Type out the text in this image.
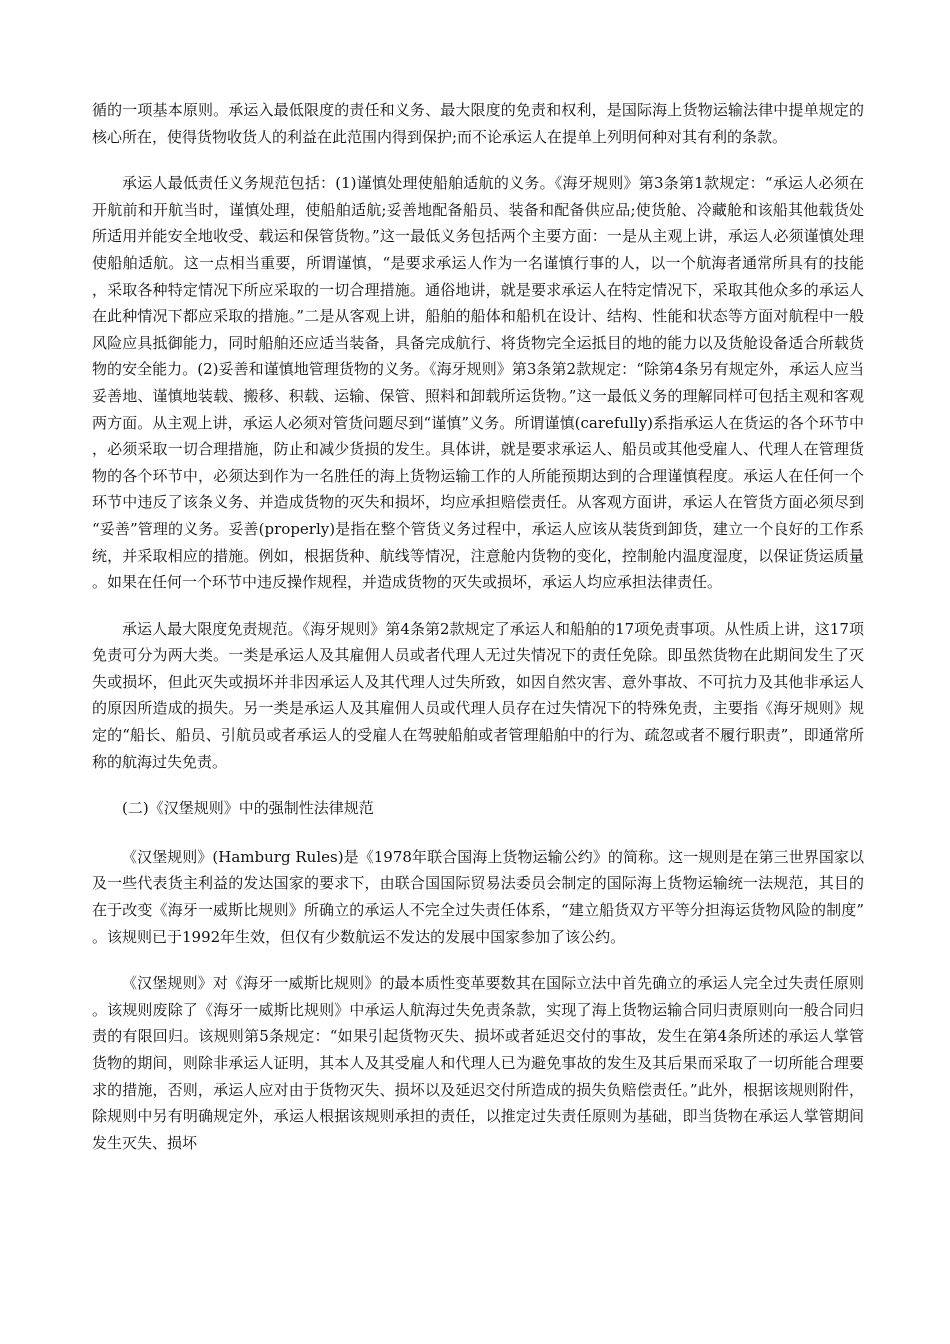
循的一项基本原则。承运入最低限度的责任和义务、最大限度的免责和权利，是国际海上货物运输法律中提单规定的核心所在，使得货物收货人的利益在此范围内得到保护;而不论承运人在提单上列明何种对其有利的条款。

承运人最低责任义务规范包括：(1)谨慎处理使船舶适航的义务。《海牙规则》第3条第1款规定：“承运人必须在开航前和开航当时，谨慎处理，使船舶适航;妥善地配备船员、装备和配备供应品;使货舱、冷藏舱和该船其他载货处所适用并能安全地收受、载运和保管货物。”这一最低义务包括两个主要方面：一是从主观上讲，承运人必须谨慎处理使船舶适航。这一点相当重要，所谓谨慎，“是要求承运人作为一名谨慎行事的人，以一个航海者通常所具有的技能，采取各种特定情况下所应采取的一切合理措施。通俗地讲，就是要求承运人在特定情况下，采取其他众多的承运人在此种情况下都应采取的措施。”二是从客观上讲，船舶的船体和船机在设计、结构、性能和状态等方面对航程中一般风险应具抵御能力，同时船舶还应适当装备，具备完成航行、将货物完全运抵目的地的能力以及货舱设备适合所载货物的安全能力。(2)妥善和谨慎地管理货物的义务。《海牙规则》第3条第2款规定：“除第4条另有规定外，承运人应当妥善地、谨慎地装载、搬移、积载、运输、保管、照料和卸载所运货物。”这一最低义务的理解同样可包括主观和客观两方面。从主观上讲，承运人必须对管货问题尽到“谨慎”义务。所谓谨慎(carefully)系指承运人在货运的各个环节中，必须采取一切合理措施，防止和减少货损的发生。具体讲，就是要求承运人、船员或其他受雇人、代理人在管理货物的各个环节中，必须达到作为一名胜任的海上货物运输工作的人所能预期达到的合理谨慎程度。承运人在任何一个环节中违反了该条义务、并造成货物的灭失和损坏，均应承担赔偿责任。从客观方面讲，承运人在管货方面必须尽到“妥善”管理的义务。妥善(properly)是指在整个管货义务过程中，承运人应该从装货到卸货，建立一个良好的工作系统，并采取相应的措施。例如，根据货种、航线等情况，注意舱内货物的变化，控制舱内温度湿度，以保证货运质量。如果在任何一个环节中违反操作规程，并造成货物的灭失或损坏，承运人均应承担法律责任。

承运人最大限度免责规范。《海牙规则》第4条第2款规定了承运人和船舶的17项免责事项。从性质上讲，这17项免责可分为两大类。一类是承运人及其雇佣人员或者代理人无过失情况下的责任免除。即虽然货物在此期间发生了灭失或损坏，但此灭失或损坏并非因承运人及其代理人过失所致，如因自然灾害、意外事故、不可抗力及其他非承运人的原因所造成的损失。另一类是承运人及其雇佣人员或代理人员存在过失情况下的特殊免责，主要指《海牙规则》规定的“船长、船员、引航员或者承运人的受雇人在驾驶船舶或者管理船舶中的行为、疏忽或者不履行职责”，即通常所称的航海过失免责。

(二)《汉堡规则》中的强制性法律规范

《汉堡规则》(Hamburg Rules)是《1978年联合国海上货物运输公约》的简称。这一规则是在第三世界国家以及一些代表货主利益的发达国家的要求下，由联合国国际贸易法委员会制定的国际海上货物运输统一法规范，其目的在于改变《海牙一威斯比规则》所确立的承运人不完全过失责任体系，“建立船货双方平等分担海运货物风险的制度”。该规则已于1992年生效，但仅有少数航运不发达的发展中国家参加了该公约。

《汉堡规则》对《海牙一威斯比规则》的最本质性变革要数其在国际立法中首先确立的承运人完全过失责任原则。该规则废除了《海牙一威斯比规则》中承运人航海过失免责条款，实现了海上货物运输合同归责原则向一般合同归责的有限回归。该规则第5条规定：“如果引起货物灭失、损坏或者延迟交付的事故，发生在第4条所述的承运人掌管货物的期间，则除非承运人证明，其本人及其受雇人和代理人已为避免事故的发生及其后果而采取了一切所能合理要求的措施，否则，承运人应对由于货物灭失、损坏以及延迟交付所造成的损失负赔偿责任。”此外，根据该规则附件，除规则中另有明确规定外，承运人根据该规则承担的责任，以推定过失责任原则为基础，即当货物在承运人掌管期间发生灭失、损坏
